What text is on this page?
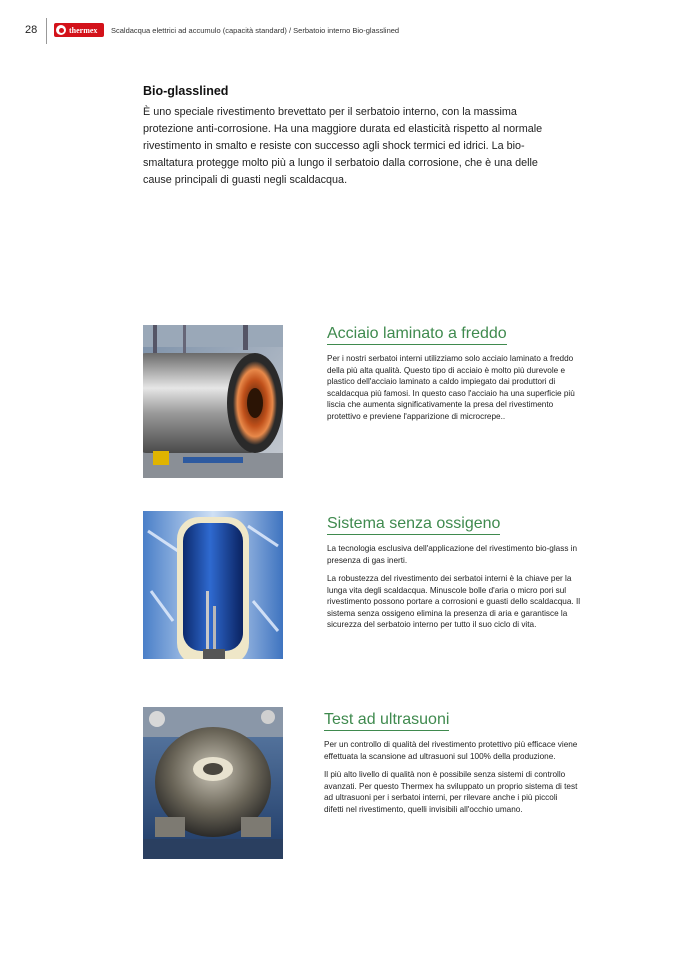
28	thermex Scaldacqua elettrici ad accumulo (capacità standard) / Serbatoio interno Bio-glasslined
Bio-glasslined

È uno speciale rivestimento brevettato per il serbatoio interno, con la massima protezione anti-corrosione. Ha una maggiore durata ed elasticità rispetto al normale rivestimento in smalto e resiste con successo agli shock termici ed idrici. La bio-smaltatura protegge molto più a lungo il serbatoio dalla corrosione, che è una delle cause principali di guasti negli scaldacqua.

Acciaio laminato a freddo

Per i nostri serbatoi interni utilizziamo solo acciaio laminato a freddo della più alta qualità. Questo tipo di acciaio è molto più durevole e plastico dell'acciaio laminato a caldo impiegato dai produttori di scaldacqua più famosi. In questo caso l'acciaio ha una superficie più liscia che aumenta significativamente la presa del rivestimento protettivo e previene l'apparizione di microcrepe..

Sistema senza ossigeno

La tecnologia esclusiva dell'applicazione del rivestimento bio-glass in presenza di gas inerti.

La robustezza del rivestimento dei serbatoi interni è la chiave per la lunga vita degli scaldacqua. Minuscole bolle d'aria o micro pori sul rivestimento possono portare a corrosioni e guasti dello scaldacqua. Il sistema senza ossigeno elimina la presenza di aria e garantisce la sicurezza del serbatoio interno per tutto il suo ciclo di vita.

Test ad ultrasuoni

Per un controllo di qualità del rivestimento protettivo più efficace viene effettuata la scansione ad ultrasuoni sul 100% della produzione.

Il più alto livello di qualità non è possibile senza sistemi di controllo avanzati. Per questo Thermex ha sviluppato un proprio sistema di test ad ultrasuoni per i serbatoi interni, per rilevare anche i più piccoli difetti nel rivestimento, quelli invisibili all'occhio umano.
